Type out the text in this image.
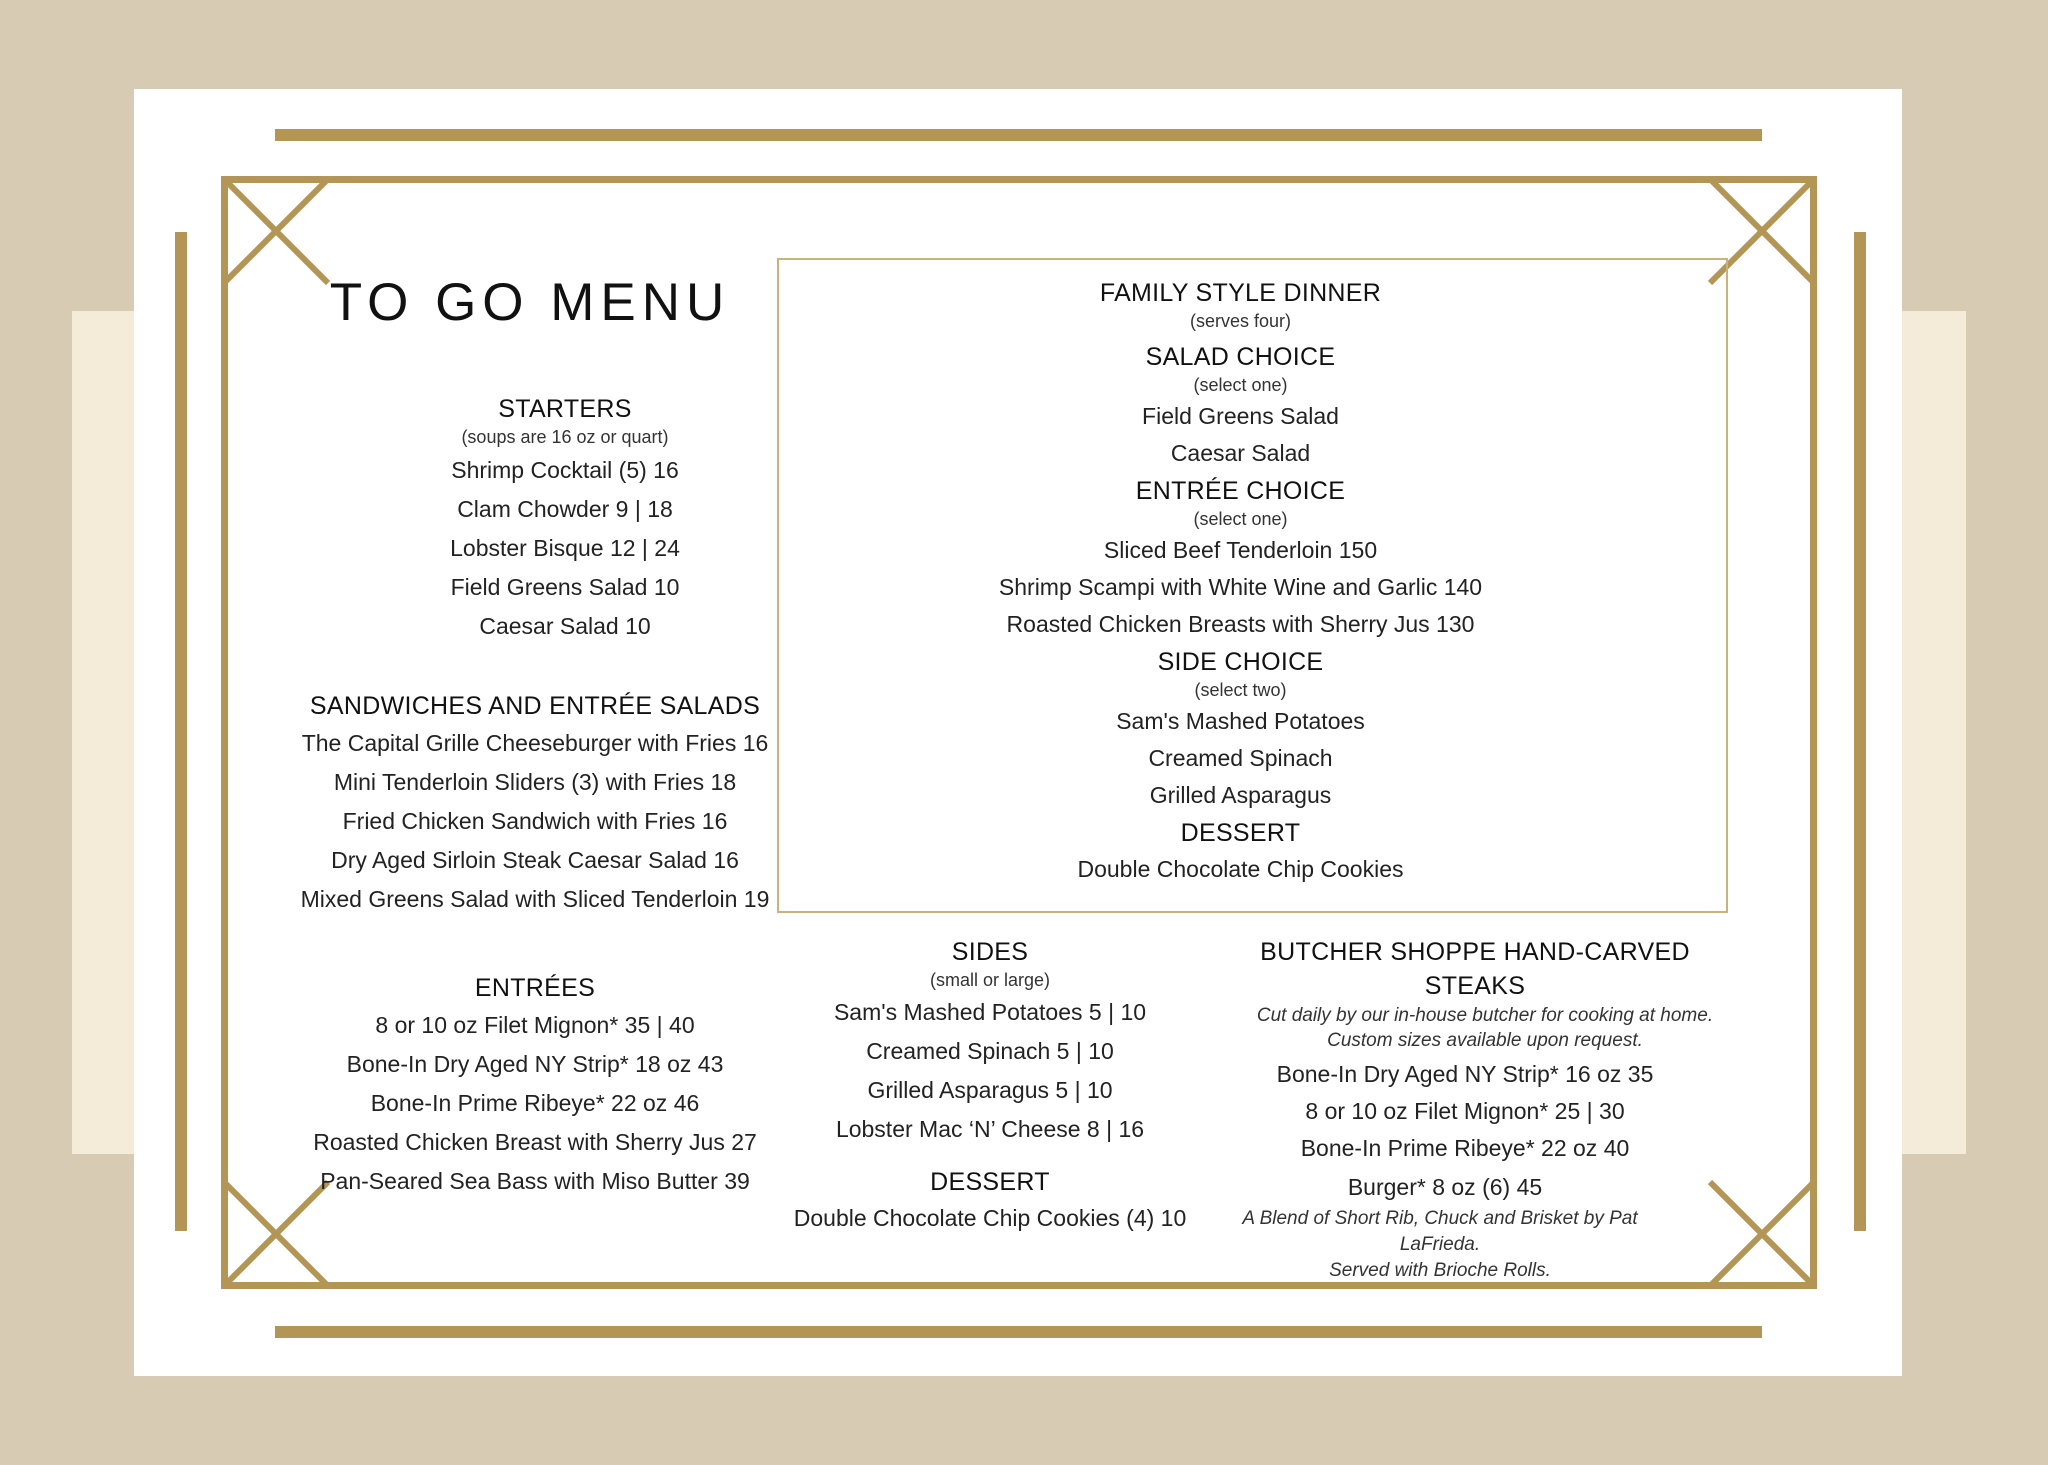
TO GO MENU
STARTERS
(soups are 16 oz or quart)
Shrimp Cocktail (5) 16
Clam Chowder 9 | 18
Lobster Bisque 12 | 24
Field Greens Salad 10
Caesar Salad 10
SANDWICHES AND ENTRÉE SALADS
The Capital Grille Cheeseburger with Fries 16
Mini Tenderloin Sliders (3) with Fries 18
Fried Chicken Sandwich with Fries 16
Dry Aged Sirloin Steak Caesar Salad 16
Mixed Greens Salad with Sliced Tenderloin 19
ENTRÉES
8 or 10 oz Filet Mignon* 35 | 40
Bone-In Dry Aged NY Strip* 18 oz 43
Bone-In Prime Ribeye* 22 oz 46
Roasted Chicken Breast with Sherry Jus 27
Pan-Seared Sea Bass with Miso Butter 39
FAMILY STYLE DINNER
(serves four)
SALAD CHOICE
(select one)
Field Greens Salad
Caesar Salad
ENTRÉE CHOICE
(select one)
Sliced Beef Tenderloin 150
Shrimp Scampi with White Wine and Garlic 140
Roasted Chicken Breasts with Sherry Jus 130
SIDE CHOICE
(select two)
Sam's Mashed Potatoes
Creamed Spinach
Grilled Asparagus
DESSERT
Double Chocolate Chip Cookies
SIDES
(small or large)
Sam's Mashed Potatoes 5 | 10
Creamed Spinach 5 | 10
Grilled Asparagus 5 | 10
Lobster Mac ‘N’ Cheese 8 | 16
DESSERT
Double Chocolate Chip Cookies (4) 10
BUTCHER SHOPPE HAND-CARVED STEAKS
Cut daily by our in-house butcher for cooking at home.
Custom sizes available upon request.
Bone-In Dry Aged NY Strip* 16 oz 35
8 or 10 oz Filet Mignon* 25 | 30
Bone-In Prime Ribeye* 22 oz 40
Burger* 8 oz (6) 45
A Blend of Short Rib, Chuck and Brisket by Pat LaFrieda.
Served with Brioche Rolls.
